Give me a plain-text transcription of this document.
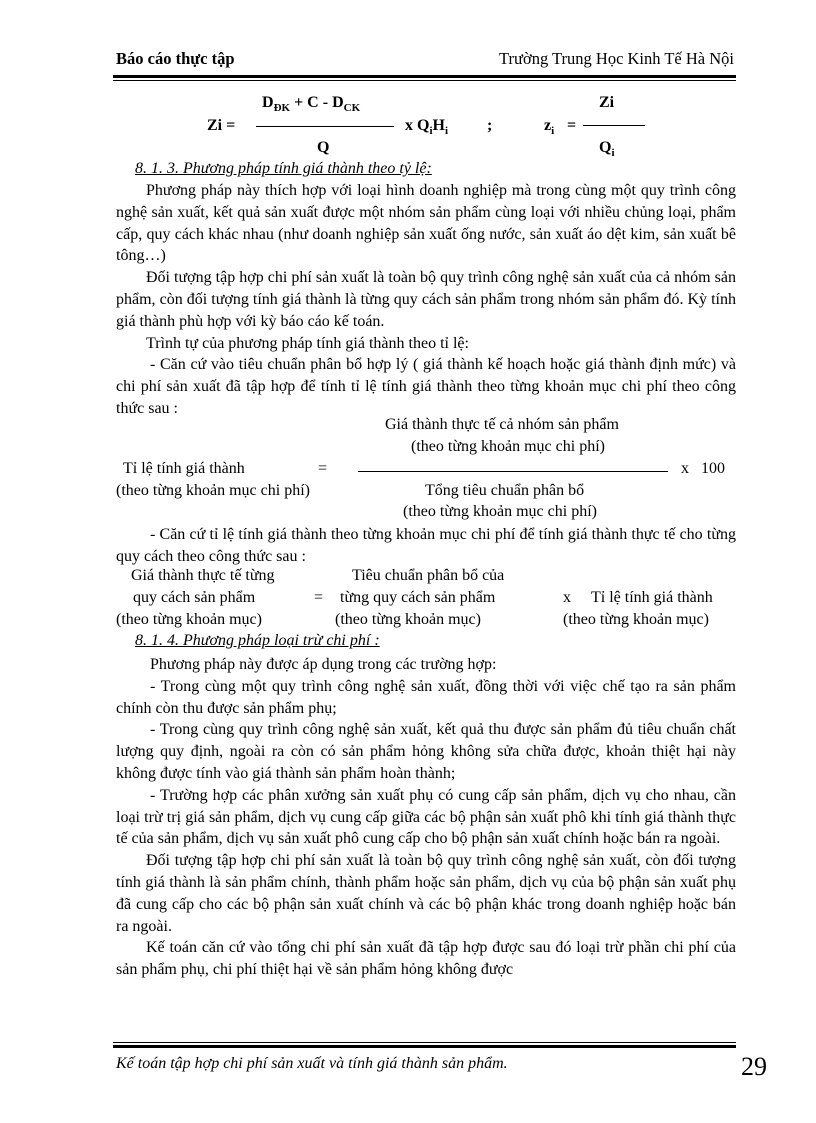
Báo cáo thực tập	Trường Trung Học Kinh Tế Hà Nội
Zi =
$D_{ĐK} + C - D_{CK}$
Q
x $Q_iH_i$ ;	$z_i$ =
Zi
$Q_i$
8. 1. 3. Phương pháp tính giá thành theo tỷ lệ:

Phương pháp này thích hợp với loại hình doanh nghiệp mà trong cùng một quy trình công nghệ sản xuất, kết quả sản xuất được một nhóm sản phẩm cùng loại với nhiều chủng loại, phẩm cấp, quy cách khác nhau (như doanh nghiệp sản xuất ống nước, sản xuất áo dệt kim, sản xuất bê tông…)

Đối tượng tập hợp chi phí sản xuất là toàn bộ quy trình công nghệ sản xuất của cả nhóm sản phẩm, còn đối tượng tính giá thành là từng quy cách sản phẩm trong nhóm sản phẩm đó. Kỳ tính giá thành phù hợp với kỳ báo cáo kế toán.

Trình tự của phương pháp tính giá thành theo tỉ lệ:

- Căn cứ vào tiêu chuẩn phân bổ hợp lý ( giá thành kế hoạch hoặc giá thành định mức) và chi phí sản xuất đã tập hợp để tính tỉ lệ tính giá thành theo từng khoản mục chi phí theo công thức sau :

Giá thành thực tế cả nhóm sản phẩm
(theo từng khoản mục chi phí)
Tỉ lệ tính giá thành	=	x   100
(theo từng khoản mục chi phí)	Tổng tiêu chuẩn phân bổ
(theo từng khoản mục chi phí)

- Căn cứ tỉ lệ tính giá thành theo từng khoản mục chi phí để tính giá thành thực tế cho từng quy cách theo công thức sau :

Giá thành thực tế từng
quy cách sản phẩm
(theo từng khoản mục)
=
Tiêu chuẩn phân bổ của
từng quy cách sản phẩm
(theo từng khoản mục)
x Tỉ lệ tính giá thành
(theo từng khoản mục)
8. 1. 4. Phương pháp loại trừ chi phí :

Phương pháp này được áp dụng trong các trường hợp:

- Trong cùng một quy trình công nghệ sản xuất, đồng thời với việc chế tạo ra sản phẩm chính còn thu được sản phẩm phụ;

- Trong cùng quy trình công nghệ sản xuất, kết quả thu được sản phẩm đủ tiêu chuẩn chất lượng quy định, ngoài ra còn có sản phẩm hỏng không sửa chữa được, khoản thiệt hại này không được tính vào giá thành sản phẩm hoàn thành;

- Trường hợp các phân xưởng sản xuất phụ có cung cấp sản phẩm, dịch vụ cho nhau, cần loại trừ trị giá sản phẩm, dịch vụ cung cấp giữa các bộ phận sản xuất phô khi tính giá thành thực tế của sản phẩm, dịch vụ sản xuất phô cung cấp cho bộ phận sản xuất chính hoặc bán ra ngoài.

Đối tượng tập hợp chi phí sản xuất là toàn bộ quy trình công nghệ sản xuất, còn đối tượng tính giá thành là sản phẩm chính, thành phẩm hoặc sản phẩm, dịch vụ của bộ phận sản xuất phụ đã cung cấp cho các bộ phận sản xuất chính và các bộ phận khác trong doanh nghiệp hoặc bán ra ngoài.

Kế toán căn cứ vào tổng chi phí sản xuất đã tập hợp được sau đó loại trừ phần chi phí của sản phẩm phụ, chi phí thiệt hại về sản phẩm hỏng không được

Kế toán tập hợp chi phí sản xuất và tính giá thành sản phẩm.	29
